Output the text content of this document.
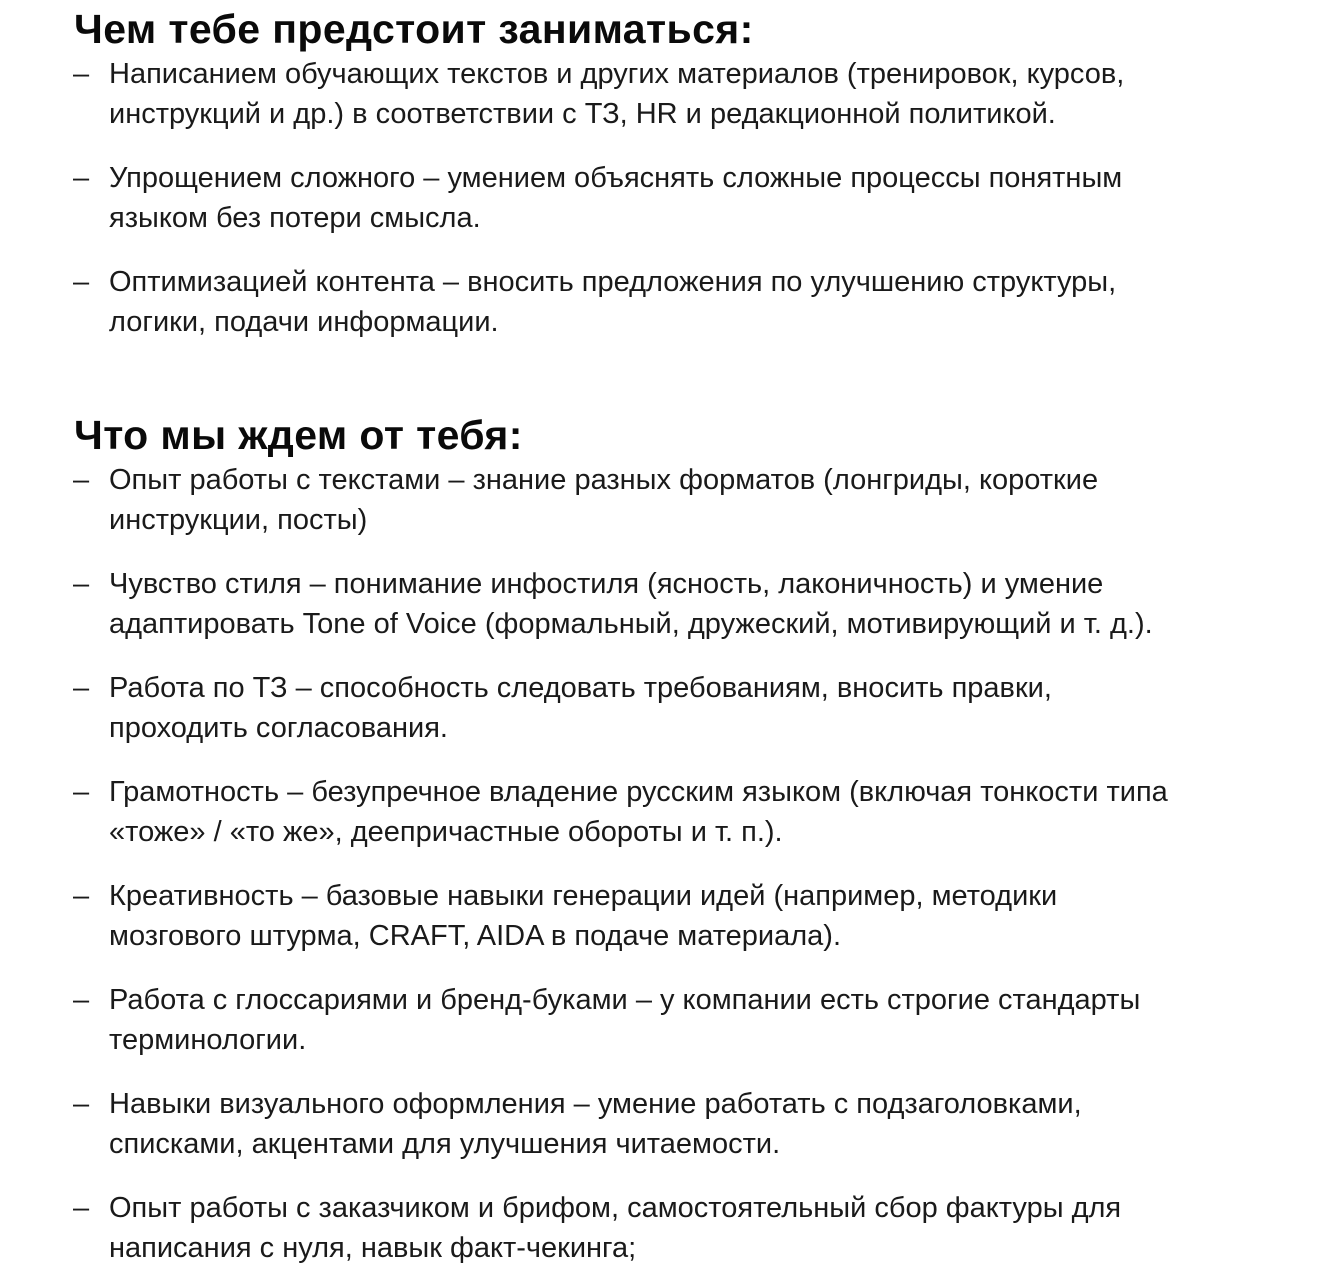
Чем тебе предстоит заниматься:
– Написанием обучающих текстов и других материалов (тренировок, курсов,
инструкций и др.) в соответствии с ТЗ, HR и редакционной политикой.
– Упрощением сложного – умением объяснять сложные процессы понятным
языком без потери смысла.
– Оптимизацией контента – вносить предложения по улучшению структуры,
логики, подачи информации.
Что мы ждем от тебя:
– Опыт работы с текстами – знание разных форматов (лонгриды, короткие
инструкции, посты)
– Чувство стиля – понимание инфостиля (ясность, лаконичность) и умение
адаптировать Tone of Voice (формальный, дружеский, мотивирующий и т. д.).
– Работа по ТЗ – способность следовать требованиям, вносить правки,
проходить согласования.
– Грамотность – безупречное владение русским языком (включая тонкости типа
«тоже» / «то же», деепричастные обороты и т. п.).
– Креативность – базовые навыки генерации идей (например, методики
мозгового штурма, CRAFT, AIDA в подаче материала).
– Работа с глоссариями и бренд-буками – у компании есть строгие стандарты
терминологии.
– Навыки визуального оформления – умение работать с подзаголовками,
списками, акцентами для улучшения читаемости.
– Опыт работы с заказчиком и брифом, самостоятельный сбор фактуры для
написания с нуля, навык факт-чекинга;
